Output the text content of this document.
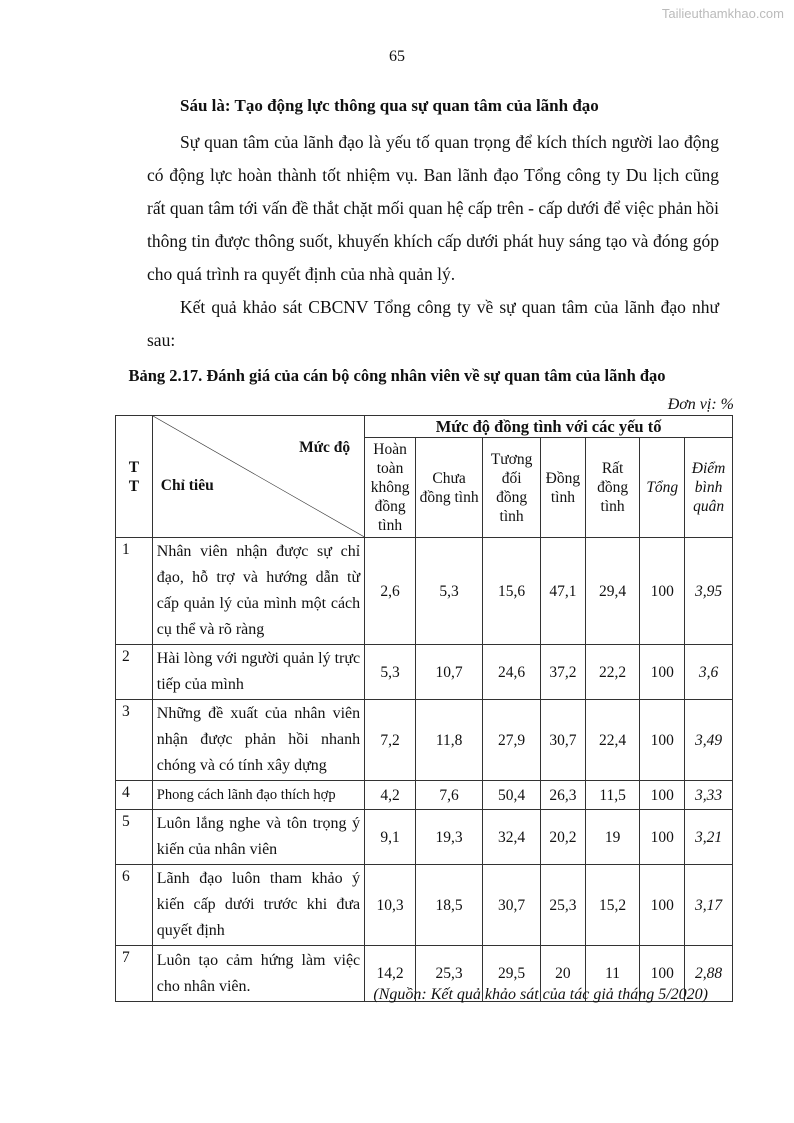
Tailieuthamkhao.com
65
Sáu là: Tạo động lực thông qua sự quan tâm của lãnh đạo
Sự quan tâm của lãnh đạo là yếu tố quan trọng để kích thích người lao động có động lực hoàn thành tốt nhiệm vụ. Ban lãnh đạo Tổng công ty Du lịch cũng rất quan tâm tới vấn đề thắt chặt mối quan hệ cấp trên - cấp dưới để việc phản hồi thông tin được thông suốt, khuyến khích cấp dưới phát huy sáng tạo và đóng góp cho quá trình ra quyết định của nhà quản lý.
Kết quả khảo sát CBCNV Tổng công ty về sự quan tâm của lãnh đạo như sau:
Bảng 2.17. Đánh giá của cán bộ công nhân viên về sự quan tâm của lãnh đạo
Đơn vị: %
T T	Mức độ
Chỉ tiêu	Mức độ đồng tình với các yếu tố						
		Hoàn toàn không đồng tình	Chưa đồng tình	Tương đối đồng tình	Đồng tình	Rất đồng tình	Tổng	Điểm bình quân
1	Nhân viên nhận được sự chỉ đạo, hỗ trợ và hướng dẫn từ cấp quản lý của mình một cách cụ thể và rõ ràng	2,6	5,3	15,6	47,1	29,4	100	3,95
2	Hài lòng với người quản lý trực tiếp của mình	5,3	10,7	24,6	37,2	22,2	100	3,6
3	Những đề xuất của nhân viên nhận được phản hồi nhanh chóng và có tính xây dựng	7,2	11,8	27,9	30,7	22,4	100	3,49
4	Phong cách lãnh đạo thích hợp	4,2	7,6	50,4	26,3	11,5	100	3,33
5	Luôn lắng nghe và tôn trọng ý kiến của nhân viên	9,1	19,3	32,4	20,2	19	100	3,21
6	Lãnh đạo luôn tham khảo ý kiến cấp dưới trước khi đưa quyết định	10,3	18,5	30,7	25,3	15,2	100	3,17
7	Luôn tạo cảm hứng làm việc cho nhân viên.	14,2	25,3	29,5	20	11	100	2,88
(Nguồn: Kết quả khảo sát của tác giả tháng 5/2020)
